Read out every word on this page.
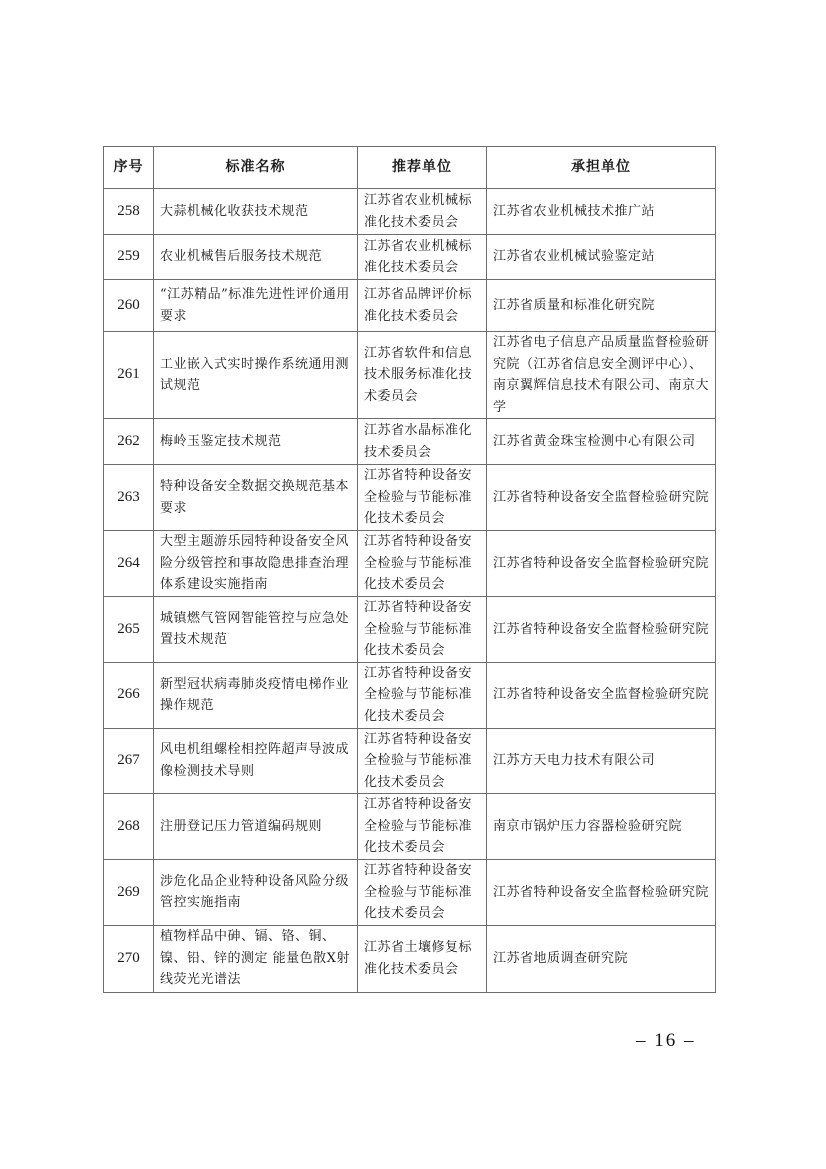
序号	标准名称	推荐单位	承担单位
258	大蒜机械化收获技术规范	江苏省农业机械标准化技术委员会	江苏省农业机械技术推广站
259	农业机械售后服务技术规范	江苏省农业机械标准化技术委员会	江苏省农业机械试验鉴定站
260	“江苏精品”标准先进性评价通用要求	江苏省品牌评价标准化技术委员会	江苏省质量和标准化研究院
261	工业嵌入式实时操作系统通用测试规范	江苏省软件和信息技术服务标准化技术委员会	江苏省电子信息产品质量监督检验研究院（江苏省信息安全测评中心）、南京翼辉信息技术有限公司、南京大学
262	梅岭玉鉴定技术规范	江苏省水晶标准化技术委员会	江苏省黄金珠宝检测中心有限公司
263	特种设备安全数据交换规范基本要求	江苏省特种设备安全检验与节能标准化技术委员会	江苏省特种设备安全监督检验研究院
264	大型主题游乐园特种设备安全风险分级管控和事故隐患排查治理体系建设实施指南	江苏省特种设备安全检验与节能标准化技术委员会	江苏省特种设备安全监督检验研究院
265	城镇燃气管网智能管控与应急处置技术规范	江苏省特种设备安全检验与节能标准化技术委员会	江苏省特种设备安全监督检验研究院
266	新型冠状病毒肺炎疫情电梯作业操作规范	江苏省特种设备安全检验与节能标准化技术委员会	江苏省特种设备安全监督检验研究院
267	风电机组螺栓相控阵超声导波成像检测技术导则	江苏省特种设备安全检验与节能标准化技术委员会	江苏方天电力技术有限公司
268	注册登记压力管道编码规则	江苏省特种设备安全检验与节能标准化技术委员会	南京市锅炉压力容器检验研究院
269	涉危化品企业特种设备风险分级管控实施指南	江苏省特种设备安全检验与节能标准化技术委员会	江苏省特种设备安全监督检验研究院
270	植物样品中砷、镉、铬、铜、镍、铅、锌的测定 能量色散X射线荧光光谱法	江苏省土壤修复标准化技术委员会	江苏省地质调查研究院
– 16 –
